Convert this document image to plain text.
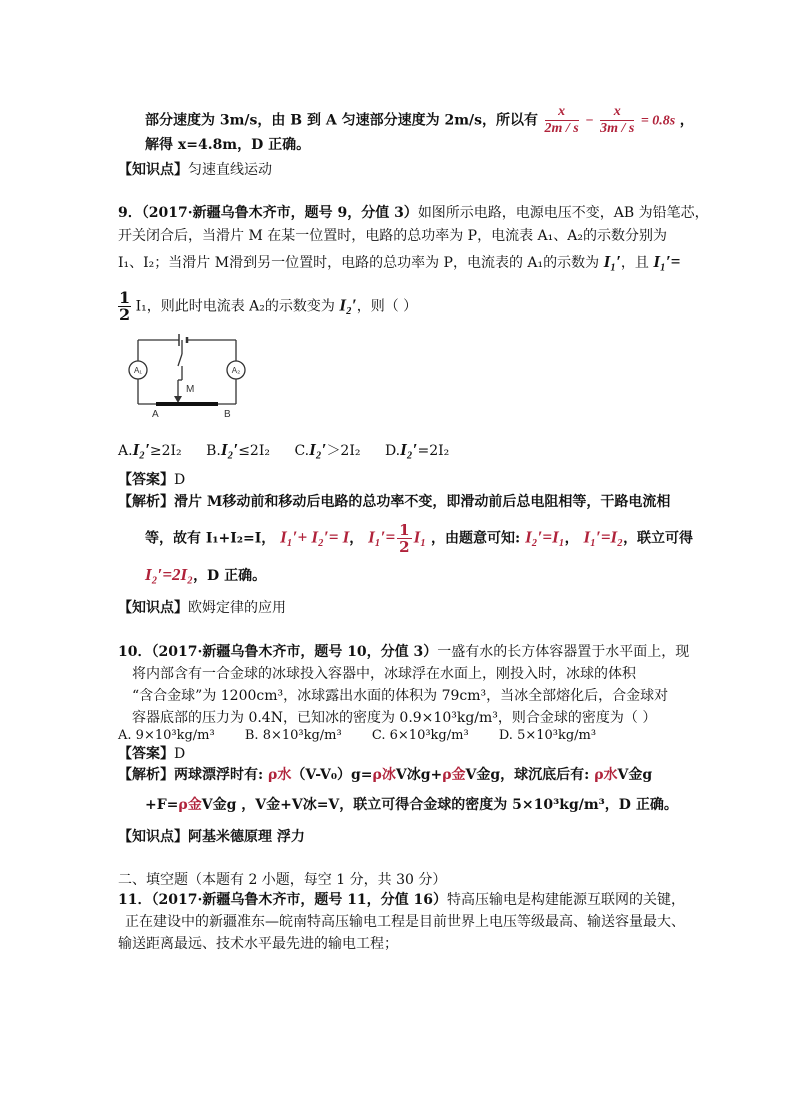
部分速度为 3m/s，由 B 到 A 匀速部分速度为 2m/s，所以有 $\frac{x}{2m / s} - \frac{x}{3m / s} = 0.8s$ ，
解得 x=4.8m，D 正确。
【知识点】匀速直线运动
9．（2017·新疆乌鲁木齐市，题号 9，分值 3）如图所示电路，电源电压不变，AB 为铅笔芯，
开关闭合后，当滑片 M 在某一位置时，电路的总功率为 P，电流表 A₁、A₂的示数分别为
I₁、I₂；当滑片 M滑到另一位置时，电路的总功率为 P，电流表的 A₁的示数为 I₁′，且 I₁′=
$\frac{1}{2} I_1$，则此时电流表 A₂的示数变为 I₂′，则（ ）
A₁	A₂
M
A	B
A.I₂′≥2I₂ B.I₂′≤2I₂ C.I₂′＞2I₂ D.I₂′=2I₂
【答案】D
【解析】滑片 M移动前和移动后电路的总功率不变，即滑动前后总电阻相等，干路电流相
等，故有 I₁+I₂=I， I₁′+ I₂′= I， $I_1'= \frac{1}{2} I_1$ ，由题意可知: I₂′=I₁， I₁′=I₂，联立可得
I₂′=2I₂，D 正确。
【知识点】欧姆定律的应用
10．（2017·新疆乌鲁木齐市，题号 10，分值 3）一盛有水的长方体容器置于水平面上，现
将内部含有一合金球的冰球投入容器中，冰球浮在水面上，刚投入时，冰球的体积
“含合金球”为 1200cm³，冰球露出水面的体积为 79cm³，当冰全部熔化后，合金球对
容器底部的压力为 0.4N，已知冰的密度为 0.9×10³kg/m³，则合金球的密度为（ ）
A. 9×10³kg/m³ B. 8×10³kg/m³ C. 6×10³kg/m³ D. 5×10³kg/m³
【答案】D
【解析】两球漂浮时有: ρ水（V-V₀）g=ρ冰V冰g+ρ金V金g，球沉底后有: ρ水V金g
+F=ρ金V金g ，V金+V冰=V，联立可得合金球的密度为 5×10³kg/m³，D 正确。
【知识点】阿基米德原理 浮力
二、填空题（本题有 2 小题，每空 1 分，共 30 分）
11．（2017·新疆乌鲁木齐市，题号 11，分值 16）特高压输电是构建能源互联网的关键，
正在建设中的新疆准东—皖南特高压输电工程是目前世界上电压等级最高、输送容量最大、
输送距离最远、技术水平最先进的输电工程；
